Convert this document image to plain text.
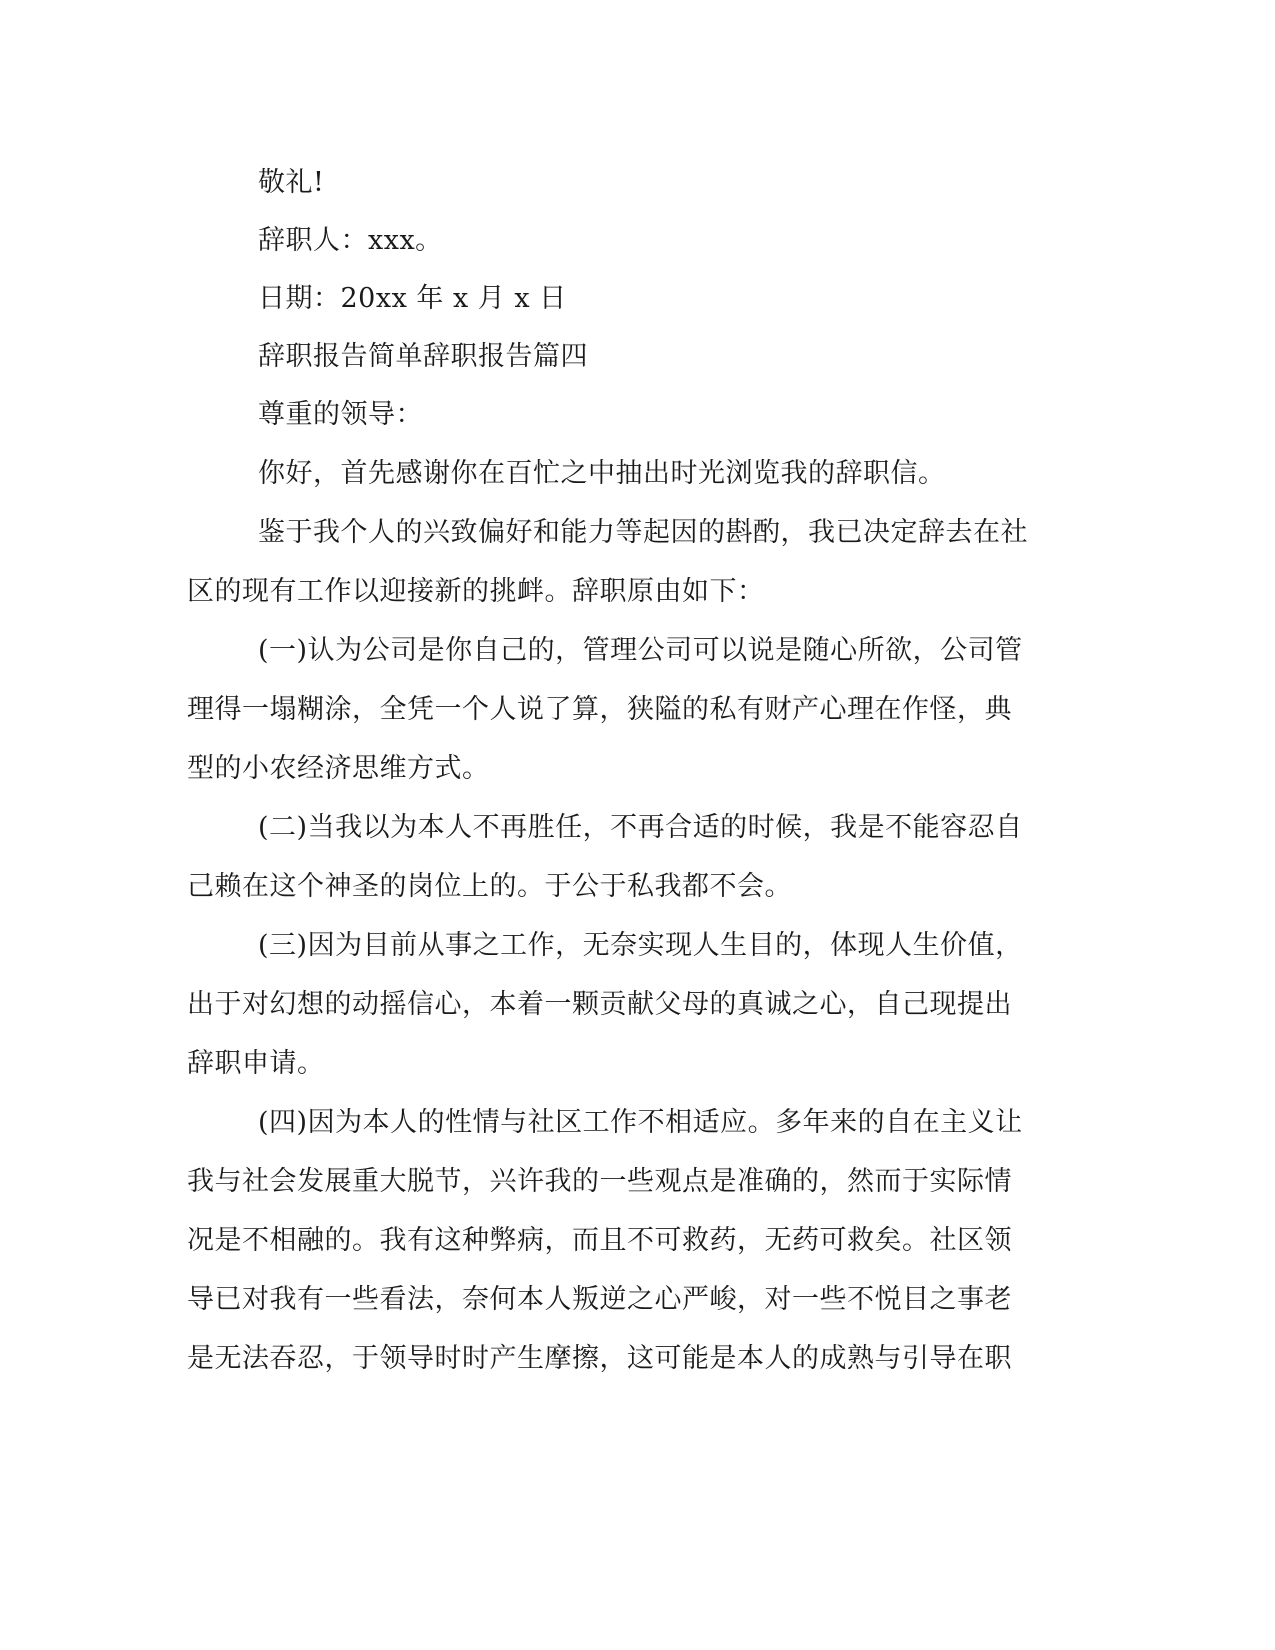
敬礼!
辞职人：xxx。
日期：20xx 年 x 月 x 日
辞职报告简单辞职报告篇四
尊重的领导：
你好，首先感谢你在百忙之中抽出时光浏览我的辞职信。
鉴于我个人的兴致偏好和能力等起因的斟酌，我已决定辞去在社
区的现有工作以迎接新的挑衅。辞职原由如下：
(一)认为公司是你自己的，管理公司可以说是随心所欲，公司管
理得一塌糊涂，全凭一个人说了算，狭隘的私有财产心理在作怪，典
型的小农经济思维方式。
(二)当我以为本人不再胜任，不再合适的时候，我是不能容忍自
己赖在这个神圣的岗位上的。于公于私我都不会。
(三)因为目前从事之工作，无奈实现人生目的，体现人生价值，
出于对幻想的动摇信心，本着一颗贡献父母的真诚之心，自己现提出
辞职申请。
(四)因为本人的性情与社区工作不相适应。多年来的自在主义让
我与社会发展重大脱节，兴许我的一些观点是准确的，然而于实际情
况是不相融的。我有这种弊病，而且不可救药，无药可救矣。社区领
导已对我有一些看法，奈何本人叛逆之心严峻，对一些不悦目之事老
是无法吞忍，于领导时时产生摩擦，这可能是本人的成熟与引导在职
